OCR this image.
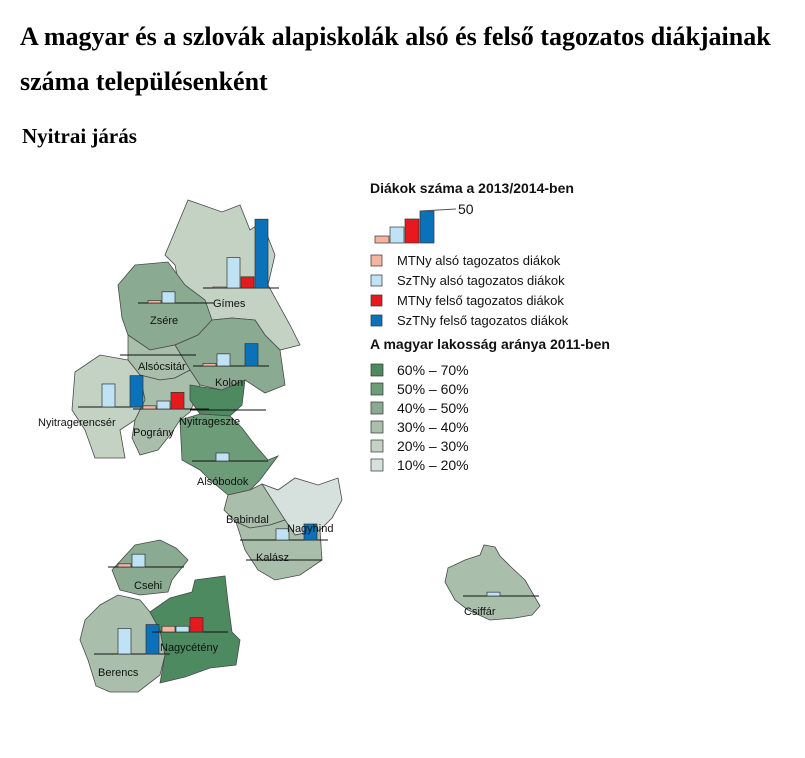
A magyar és a szlovák alapiskolák alsó és felső tagozatos diákjainak száma településenként
Nyitrai járás
Gímes
Zsére
Kolon
Alsócsitár
Nyitragerencsér
Pográny
Nyitrageszte
Alsóbodok
Babindal
Nagyhind
Kalász
Csehi
Berencs
Nagycétény
Csiffár
Diákok száma a 2013/2014-ben
50
MTNy alsó tagozatos diákok
SzTNy alsó tagozatos diákok
MTNy felső tagozatos diákok
SzTNy felső tagozatos diákok
A magyar lakosság aránya 2011-ben
60% – 70%
50% – 60%
40% – 50%
30% – 40%
20% – 30%
10% – 20%
